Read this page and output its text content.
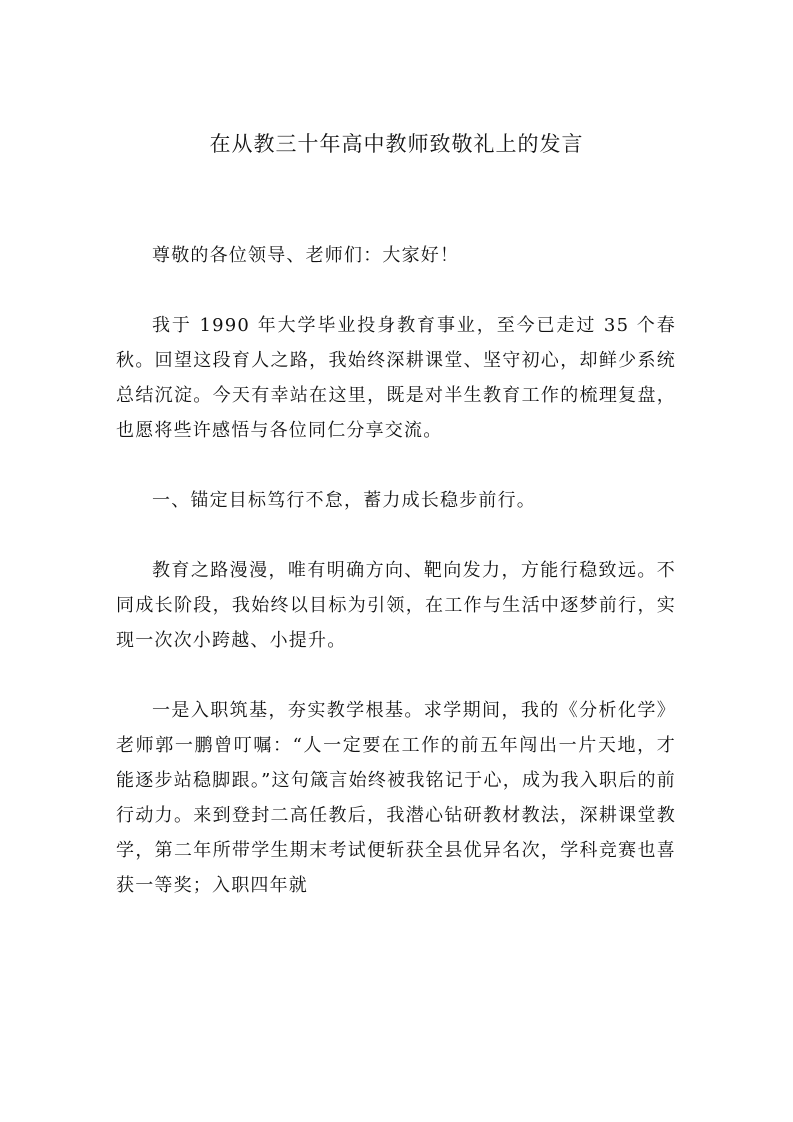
在从教三十年高中教师致敬礼上的发言

尊敬的各位领导、老师们：大家好！

我于 1990 年大学毕业投身教育事业，至今已走过 35 个春秋。回望这段育人之路，我始终深耕课堂、坚守初心，却鲜少系统总结沉淀。今天有幸站在这里，既是对半生教育工作的梳理复盘，也愿将些许感悟与各位同仁分享交流。

一、锚定目标笃行不怠，蓄力成长稳步前行。

教育之路漫漫，唯有明确方向、靶向发力，方能行稳致远。不同成长阶段，我始终以目标为引领，在工作与生活中逐梦前行，实现一次次小跨越、小提升。

一是入职筑基，夯实教学根基。求学期间，我的《分析化学》老师郭一鹏曾叮嘱：“人一定要在工作的前五年闯出一片天地，才能逐步站稳脚跟。”这句箴言始终被我铭记于心，成为我入职后的前行动力。来到登封二高任教后，我潜心钻研教材教法，深耕课堂教学，第二年所带学生期末考试便斩获全县优异名次，学科竞赛也喜获一等奖；入职四年就
